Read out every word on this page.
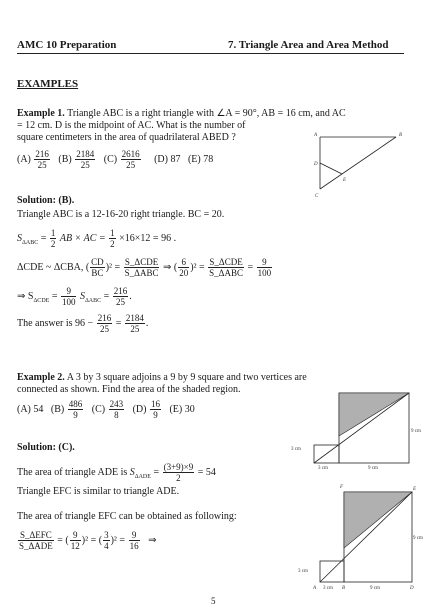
AMC 10 Preparation	7. Triangle Area and Area Method
EXAMPLES
Example 1. Triangle ABC is a right triangle with ∠A = 90°, AB = 16 cm, and AC
= 12 cm. D is the midpoint of AC. What is the number of
square centimeters in the area of quadrilateral ABED ?
$(A) \frac{216}{25} (B) \frac{2184}{25} (C) \frac{2616}{25} (D)$ 87 (E) 78
A	B
D
E
C
Solution: (B).
Triangle ABC is a 12-16-20 right triangle. BC = 20.
$S_{\Delta ABC} = \frac{1}{2}$ AB × AC = $\frac{1}{2} \times 16\times 12 = 96$ .
ΔCDE ~ ΔCBA, ( $\frac{CD}{BC} )^2 = \frac{\text{S\_ΔCDE}}{\text{S\_ΔABC}}$ ⇒ ( $\frac{6}{20} )^2 = \frac{\text{S\_ΔCDE}}{\text{S\_ΔABC}} = \frac{9}{100}$
⇒ $S_{\Delta CDE} = \frac{9}{100} S_{\Delta ABC} = \frac{216}{25}$ .
The answer is $96 - \frac{216}{25} = \frac{2184}{25}$ .
Example 2. A 3 by 3 square adjoins a 9 by 9 square and two vertices are
connected as shown. Find the area of the shaded region.
(A) 54 $(B) \frac{486}{9} (C) \frac{243}{8} (D) \frac{16}{9} (E)$ 30
9 cm
3 cm
3 cm	9 cm
Solution: (C).
The area of triangle ADE is $S_{\Delta ADE} = \frac{(3+9)\times 9}{2} = 54$
Triangle EFC is similar to triangle ADE.
The area of triangle EFC can be obtained as following:
$\frac{\text{S\_ΔEFC}}{\text{S\_ΔADE}}$ = ( $\frac{9}{12} )^2$ = ( $\frac{3}{4} )^2 = \frac{9}{16}$ ⇒
F	E
A	B	D
9 cm
3 cm
3 cm	9 cm
5
